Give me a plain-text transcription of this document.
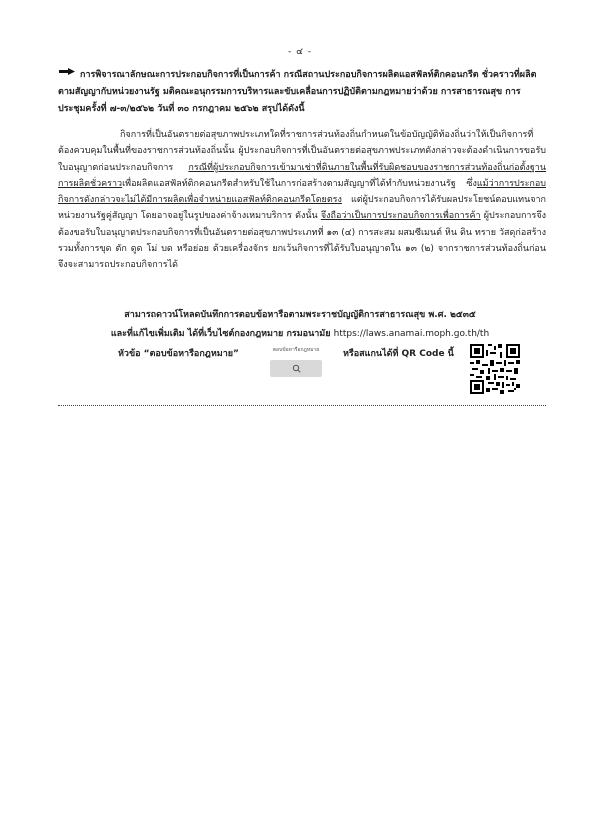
- ๔ -
การพิจารณาลักษณะการประกอบกิจการที่เป็นการค้า กรณีสถานประกอบกิจการผลิตแอสฟัลท์ติกคอนกรีต ชั่วคราวที่ผลิตตามสัญญากับหน่วยงานรัฐ มติคณะอนุกรรมการบริหารและขับเคลื่อนการปฏิบัติตามกฎหมายว่าด้วย การสาธารณสุข การประชุมครั้งที่ ๗-๓/๒๕๖๒ วันที่ ๓๐ กรกฎาคม ๒๕๖๒ สรุปได้ดังนี้
กิจการที่เป็นอันตรายต่อสุขภาพประเภทใดที่ราชการส่วนท้องถิ่นกำหนดในข้อบัญญัติท้องถิ่นว่าให้เป็นกิจการที่ต้องควบคุมในพื้นที่ของราชการส่วนท้องถิ่นนั้น ผู้ประกอบกิจการที่เป็นอันตรายต่อสุขภาพประเภทดังกล่าวจะต้องดำเนินการขอรับใบอนุญาตก่อนประกอบกิจการ กรณีที่ผู้ประกอบกิจการเข้ามาเช่าที่ดินภายในพื้นที่รับผิดชอบของราชการส่วนท้องถิ่นก่อตั้งฐานการผลิตชั่วคราวเพื่อผลิตแอสฟัลท์ติกคอนกรีตสำหรับใช้ในการก่อสร้างตามสัญญาที่ได้ทำกับหน่วยงานรัฐ ซึ่งแม้ว่าการประกอบกิจการดังกล่าวจะไม่ได้มีการผลิตเพื่อจำหน่ายแอสฟัลท์ติกคอนกรีตโดยตรง แต่ผู้ประกอบกิจการได้รับผลประโยชน์ตอบแทนจากหน่วยงานรัฐคู่สัญญา โดยอาจอยู่ในรูปของค่าจ้างเหมาบริการ ดังนั้น จึงถือว่าเป็นการประกอบกิจการเพื่อการค้า ผู้ประกอบการจึงต้องขอรับใบอนุญาตประกอบกิจการที่เป็นอันตรายต่อสุขภาพประเภทที่ ๑๓ (๔) การสะสม ผสมซีเมนต์ หิน ดิน ทราย วัสดุก่อสร้าง รวมทั้งการขุด ตัก ดูด โม่ บด หรือย่อย ด้วยเครื่องจักร ยกเว้นกิจการที่ได้รับใบอนุญาตใน ๑๓ (๒) จากราชการส่วนท้องถิ่นก่อน จึงจะสามารถประกอบกิจการได้
สามารถดาวน์โหลดบันทึกการตอบข้อหารือตามพระราชบัญญัติการสาธารณสุข พ.ศ. ๒๕๓๕
และที่แก้ไขเพิ่มเติม ได้ที่เว็บไซต์กองกฎหมาย กรมอนามัย https://laws.anamai.moph.go.th/th
หัวข้อ “ตอบข้อหารือกฎหมาย”	ตอบข้อหารือกฎหมาย	หรือสแกนได้ที่ QR Code นี้
